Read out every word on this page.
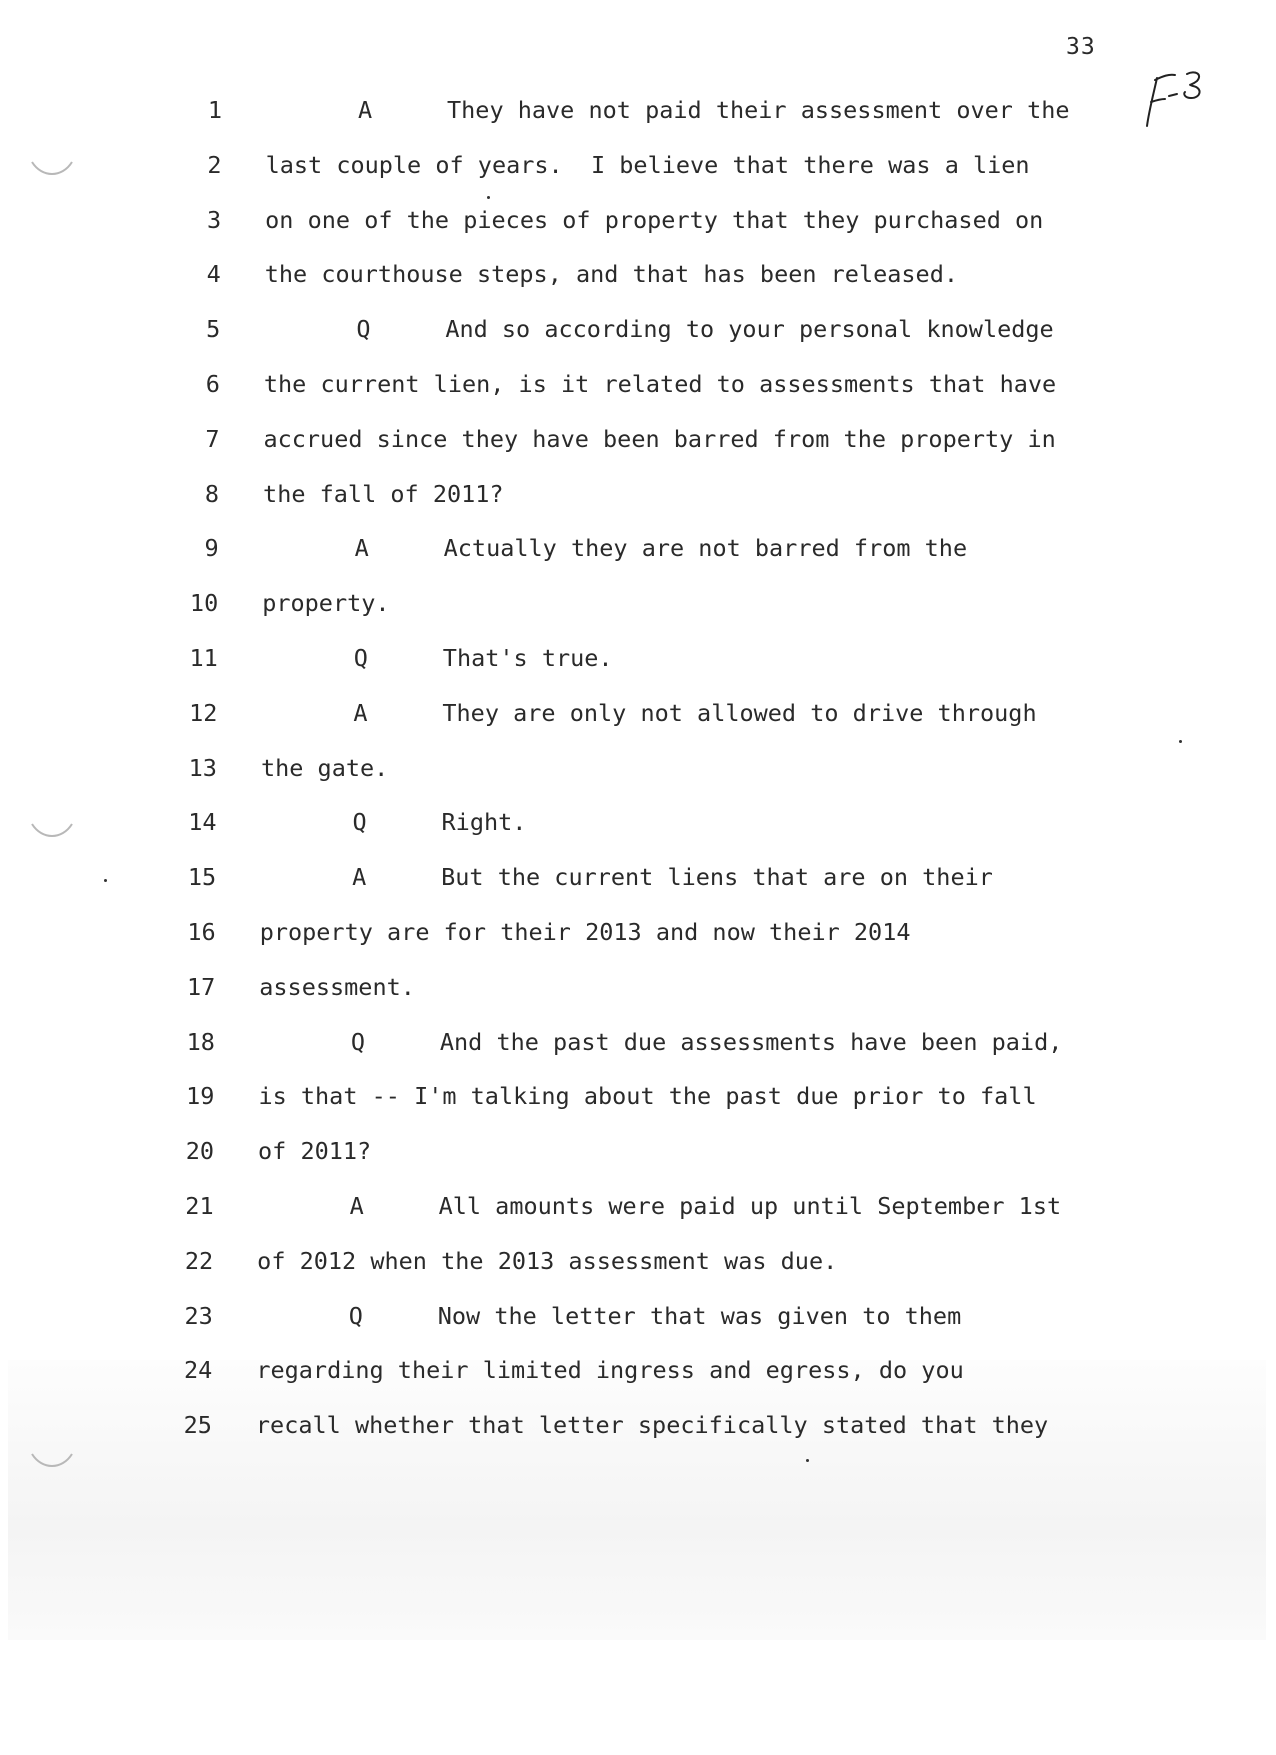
33
1	A	They have not paid their assessment over the
2 last couple of years.  I believe that there was a lien
3 on one of the pieces of property that they purchased on
4 the courthouse steps, and that has been released.
5	Q	And so according to your personal knowledge
6 the current lien, is it related to assessments that have
7 accrued since they have been barred from the property in
8 the fall of 2011?
9	A	Actually they are not barred from the
10 property.
11	Q	That's true.
12	A	They are only not allowed to drive through
13 the gate.
14	Q	Right.
15	A	But the current liens that are on their
16 property are for their 2013 and now their 2014
17 assessment.
18	Q	And the past due assessments have been paid,
19 is that -- I'm talking about the past due prior to fall
20 of 2011?
21	A	All amounts were paid up until September 1st
22 of 2012 when the 2013 assessment was due.
23	Q	Now the letter that was given to them
24 regarding their limited ingress and egress, do you
25 recall whether that letter specifically stated that they
